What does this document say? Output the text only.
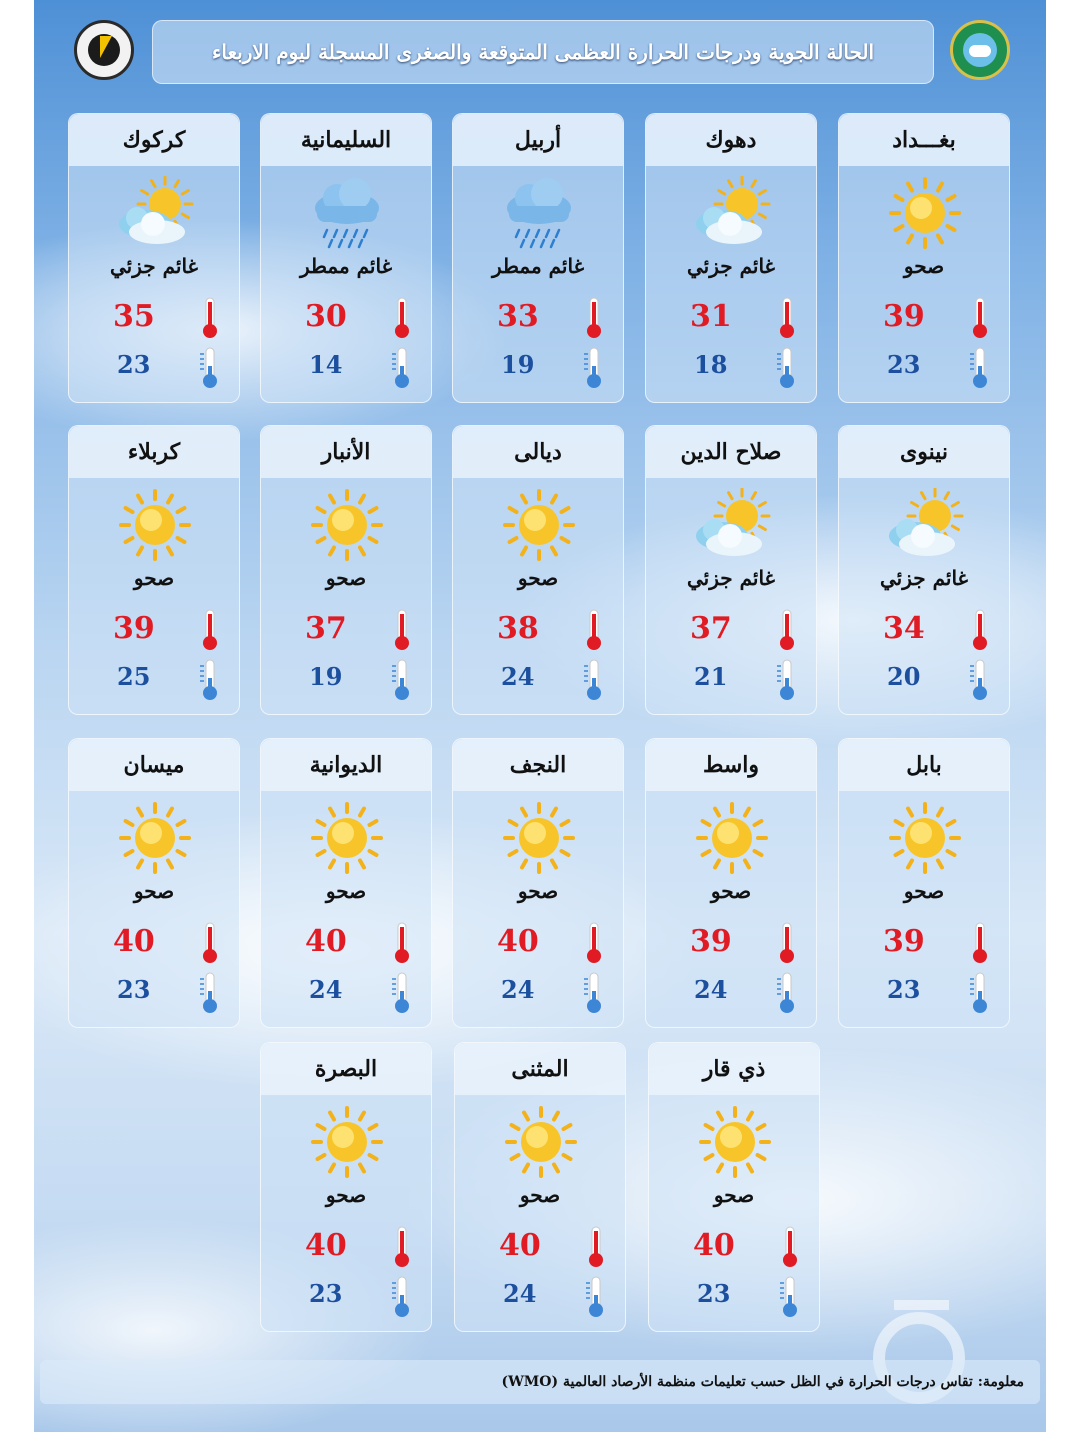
الحالة الجوية ودرجات الحرارة العظمى المتوقعة والصغرى المسجلة ليوم الاربعاء
بغـــداد
صحو
39
23
دهوك
غائم جزئي
31
18
أربيل
غائم ممطر
33
19
السليمانية
غائم ممطر
30
14
كركوك
غائم جزئي
35
23
نينوى
غائم جزئي
34
20
صلاح الدين
غائم جزئي
37
21
ديالى
صحو
38
24
الأنبار
صحو
37
19
كربلاء
صحو
39
25
بابل
صحو
39
23
واسط
صحو
39
24
النجف
صحو
40
24
الديوانية
صحو
40
24
ميسان
صحو
40
23
ذي قار
صحو
40
23
المثنى
صحو
40
24
البصرة
صحو
40
23
معلومة: تقاس درجات الحرارة في الظل حسب تعليمات منظمة الأرصاد العالمية (WMO)
